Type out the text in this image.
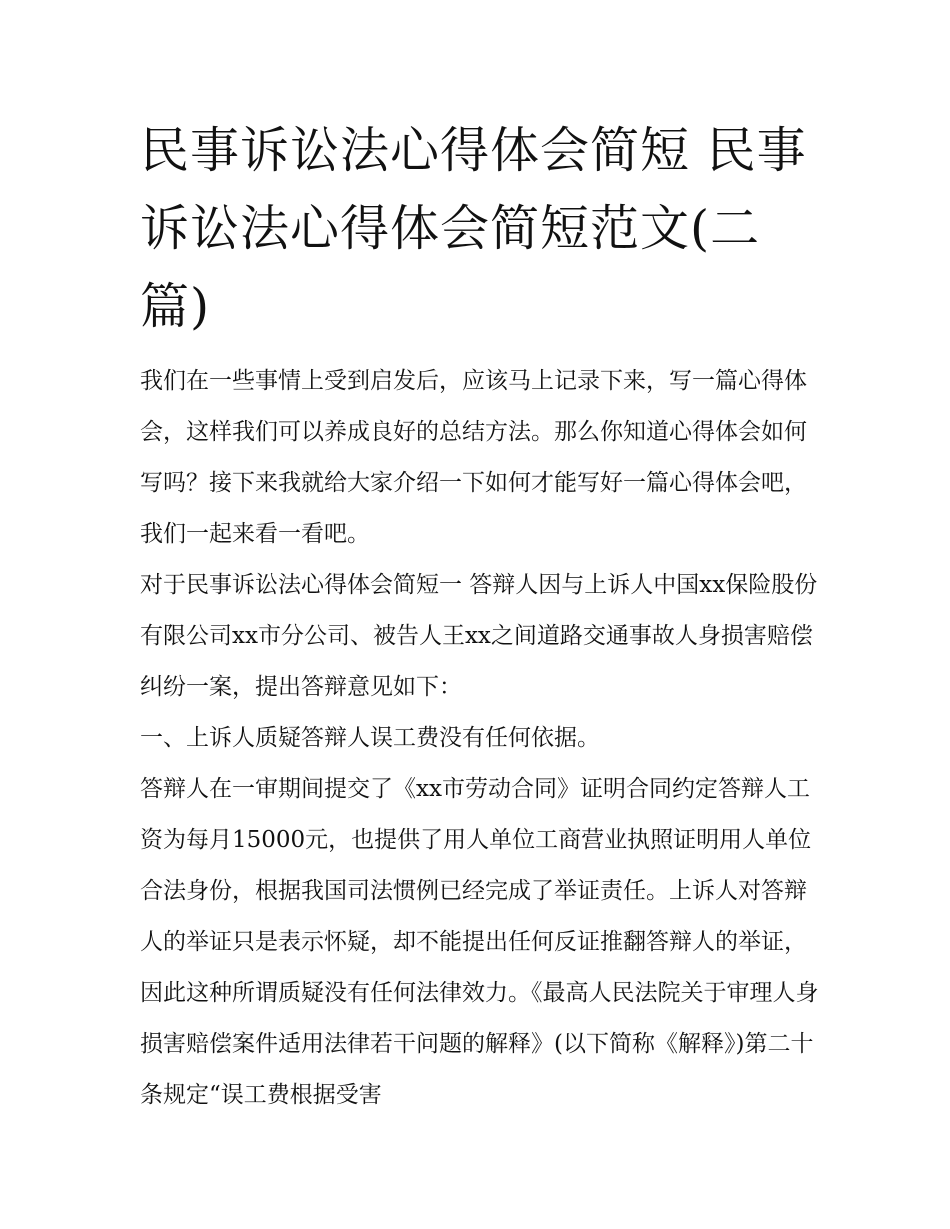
民事诉讼法心得体会简短 民事诉讼法心得体会简短范文(二篇)

我们在一些事情上受到启发后，应该马上记录下来，写一篇心得体会，这样我们可以养成良好的总结方法。那么你知道心得体会如何写吗？接下来我就给大家介绍一下如何才能写好一篇心得体会吧，我们一起来看一看吧。

对于民事诉讼法心得体会简短一 答辩人因与上诉人中国xx保险股份有限公司xx市分公司、被告人王xx之间道路交通事故人身损害赔偿纠纷一案，提出答辩意见如下：

一、上诉人质疑答辩人误工费没有任何依据。

答辩人在一审期间提交了《xx市劳动合同》证明合同约定答辩人工资为每月15000元，也提供了用人单位工商营业执照证明用人单位合法身份，根据我国司法惯例已经完成了举证责任。上诉人对答辩人的举证只是表示怀疑，却不能提出任何反证推翻答辩人的举证，因此这种所谓质疑没有任何法律效力。《最高人民法院关于审理人身损害赔偿案件适用法律若干问题的解释》(以下简称《解释》)第二十条规定“误工费根据受害
